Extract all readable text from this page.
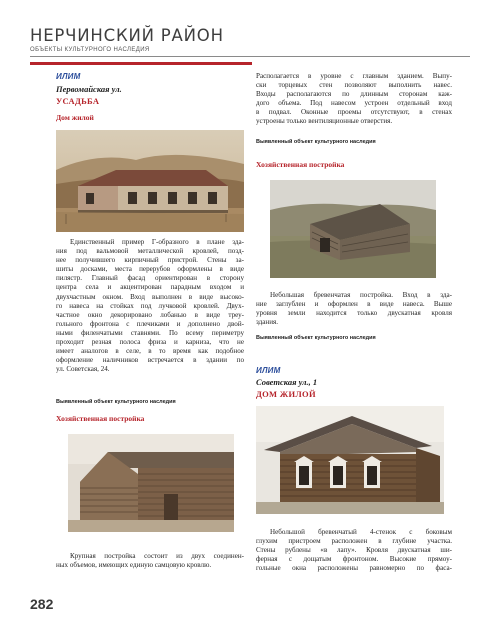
НЕРЧИНСКИЙ РАЙОН
ОБЪЕКТЫ КУЛЬТУРНОГО НАСЛЕДИЯ
ИЛИМ
Первомайская ул.
УСАДЬБА
Дом жилой
Единственный пример Г-образного в плане зда-
ния под вальмовой металлической кровлей, позд-
нее получившего кирпичный пристрой. Стены за-
шиты досками, места перерубов оформлены в виде
пилястр. Главный фасад ориентирован в сторону
центра села и акцентирован парадным входом и
двухчастным окном. Вход выполнен в виде высоко-
го навеса на стойках под лучковой кровлей. Двух-
частное окно декорировано лобанью в виде треу-
гольного фронтона с плечиками и дополнено двой-
ными филенчатыми ставнями. По всему периметру
проходит резная полоса фриза и карниза, что не
имеет аналогов в селе, в то время как подобное
оформление наличников встречается в здании по
ул. Советская, 24.
Выявленный объект культурного наследия
Хозяйственная постройка
Крупная постройка состоит из двух соединен-
ных объемов, имеющих единую самцовую кровлю.
282
Располагается в уровне с главным зданием. Выпу-
ски торцевых стен позволяют выполнить навес.
Входы располагаются по длинным сторонам каж-
дого объема. Под навесом устроен отдельный вход
в подвал. Оконные проемы отсутствуют, в стенах
устроены только вентиляционные отверстия.
Выявленный объект культурного наследия
Хозяйственная постройка
Небольшая бревенчатая постройка. Вход в зда-
ние заглублен и оформлен в виде навеса. Выше
уровня земли находится только двускатная кровля
здания.
Выявленный объект культурного наследия
ИЛИМ
Советская ул., 1
ДОМ ЖИЛОЙ
Небольшой бревенчатый 4-стенок с боковым
глухим пристроем расположен в глубине участка.
Стены рублены «в лапу». Кровля двускатная ши-
ферная с дощатым фронтоном. Высокие прямоу-
гольные окна расположены равномерно по фаса-
